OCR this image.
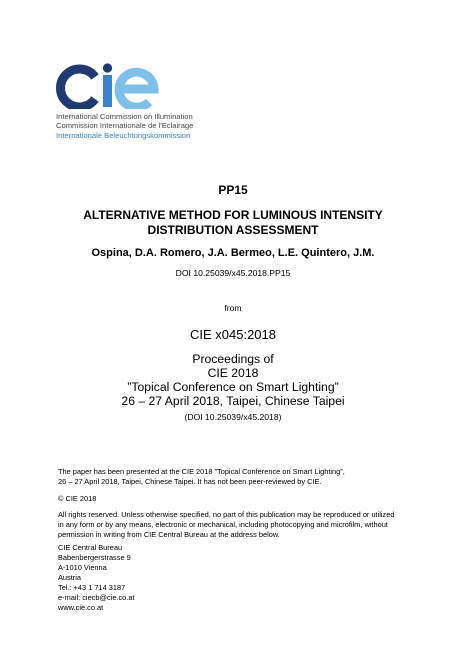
International Commission on Illumination
Commission Internationale de l'Eclairage
Internationale Beleuchtungskommission
PP15
ALTERNATIVE METHOD FOR LUMINOUS INTENSITY
DISTRIBUTION ASSESSMENT
Ospina, D.A. Romero, J.A. Bermeo, L.E. Quintero, J.M.
DOI 10.25039/x45.2018.PP15
from
CIE x045:2018
Proceedings of
CIE 2018
”Topical Conference on Smart Lighting”
26 – 27 April 2018, Taipei, Chinese Taipei
(DOI 10.25039/x45.2018)
The paper has been presented at the CIE 2018 ”Topical Conference on Smart Lighting”,
26 – 27 April 2018, Taipei, Chinese Taipei. It has not been peer-reviewed by CIE.
© CIE 2018
All rights reserved. Unless otherwise specified, no part of this publication may be reproduced or utilized
in any form or by any means, electronic or mechanical, including photocopying and microfilm, without
permission in writing from CIE Central Bureau at the address below.
CIE Central Bureau
Babenbergerstrasse 9
A-1010 Vienna
Austria
Tel.: +43 1 714 3187
e-mail: ciecb@cie.co.at
www.cie.co.at
